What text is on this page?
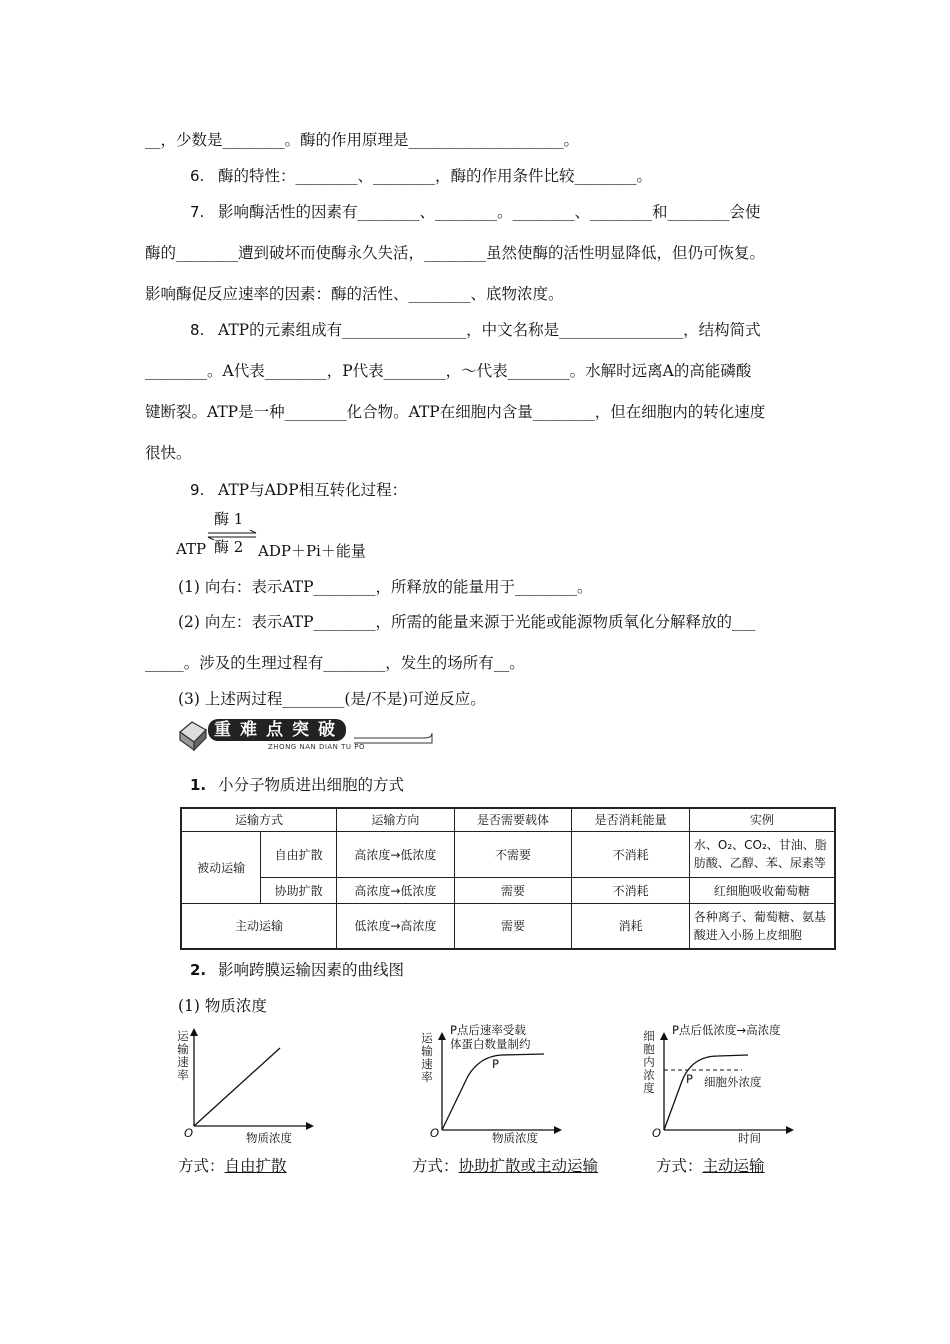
__，少数是________。酶的作用原理是____________________。
6. 酶的特性：________、________，酶的作用条件比较________。
7. 影响酶活性的因素有________、________。________、________和________会使
酶的________遭到破坏而使酶永久失活，________虽然使酶的活性明显降低，但仍可恢复。
影响酶促反应速率的因素：酶的活性、________、底物浓度。
8. ATP的元素组成有________________，中文名称是________________，结构简式
________。A代表________，P代表________，～代表________。水解时远离A的高能磷酸
键断裂。ATP是一种________化合物。ATP在细胞内含量________，但在细胞内的转化速度
很快。
9. ATP与ADP相互转化过程：
ATP
酶 1
酶 2 ADP＋Pi＋能量
(1) 向右：表示ATP________，所释放的能量用于________。
(2) 向左：表示ATP________，所需的能量来源于光能或能源物质氧化分解释放的___
_____。涉及的生理过程有________，发生的场所有__。
(3) 上述两过程________(是/不是)可逆反应。
重难点突破
ZHONG NAN DIAN TU PO
1. 小分子物质进出细胞的方式
运输方式		运输方向	是否需要载体	是否消耗能量	实例
被动运输	自由扩散	高浓度→低浓度	不需要	不消耗	水、O₂、CO₂、甘油、脂肪酸、乙醇、苯、尿素等
	协助扩散	高浓度→低浓度	需要	不消耗	红细胞吸收葡萄糖
主动运输		低浓度→高浓度	需要	消耗	各种离子、葡萄糖、氨基酸进入小肠上皮细胞
2. 影响跨膜运输因素的曲线图
(1) 物质浓度
运
输
速
率
O	物质浓度
方式：自由扩散
运
输
速
率
P点后速率受载
体蛋白数量制约
P
O	物质浓度
方式：协助扩散或主动运输
细
胞
内
浓
度
P点后低浓度→高浓度
P 细胞外浓度
O	时间
方式：主动运输
